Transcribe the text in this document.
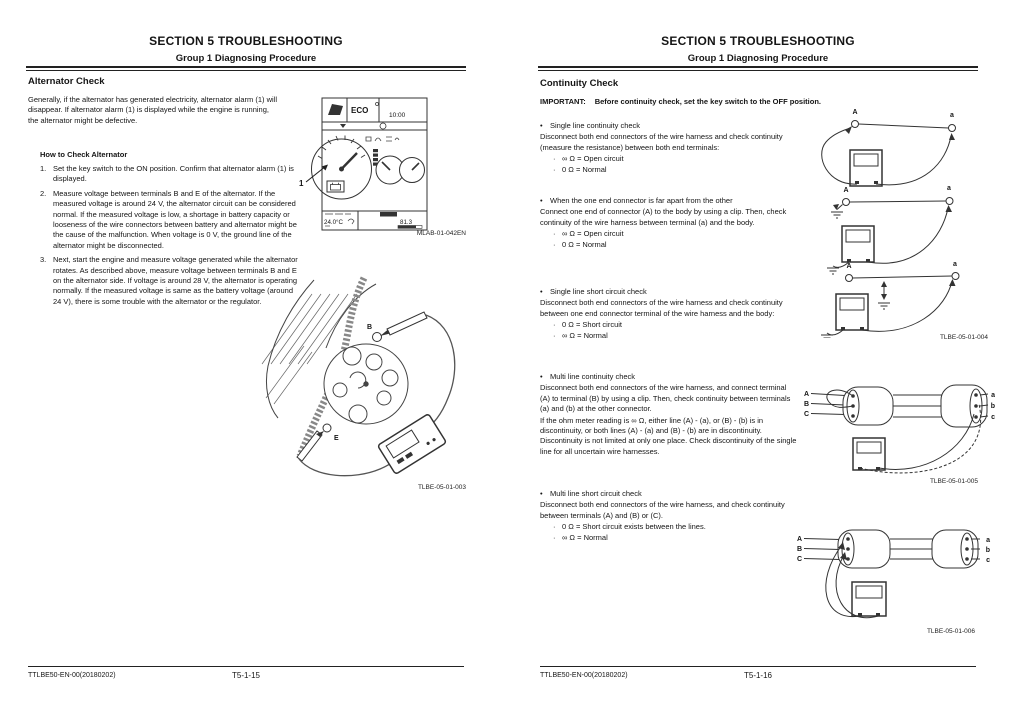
SECTION 5 TROUBLESHOOTING
Group 1 Diagnosing Procedure
Alternator Check
Generally, if the alternator has generated electricity, alternator alarm (1) will disappear. If alternator alarm (1) is displayed while the engine is running, the alternator might be defective.
How to Check Alternator
1. Set the key switch to the ON position. Confirm that alternator alarm (1) is displayed.
2. Measure voltage between terminals B and E of the alternator. If the measured voltage is around 24 V, the alternator circuit can be considered normal. If the measured voltage is low, a shortage in battery capacity or looseness of the wire connectors between battery and alternator might be the cause of the malfunction. When voltage is 0 V, the ground line of the alternator might be disconnected.
3. Next, start the engine and measure voltage generated while the alternator rotates. As described above, measure voltage between terminals B and E on the alternator side. If voltage is around 28 V, the alternator is operating normally. If the measured voltage is same as the battery voltage (around 24 V), there is some trouble with the alternator or the regulator.
ECO
10:00
24.0°C	81.3
1
MLAB-01-042EN
B
E
TLBE-05-01-003
TTLBE50-EN-00(20180202)	T5-1-15
SECTION 5 TROUBLESHOOTING
Group 1 Diagnosing Procedure
Continuity Check
IMPORTANT: Before continuity check, set the key switch to the OFF position.
• Single line continuity check
Disconnect both end connectors of the wire harness and check continuity (measure the resistance) between both end terminals:
· ∞ Ω = Open circuit
· 0 Ω = Normal
• When the one end connector is far apart from the other
Connect one end of connector (A) to the body by using a clip. Then, check continuity of the wire harness between terminal (a) and the body.
· ∞ Ω = Open circuit
· 0 Ω = Normal
• Single line short circuit check
Disconnect both end connectors of the wire harness and check continuity between one end connector terminal of the wire harness and the body:
· 0 Ω = Short circuit
· ∞ Ω = Normal
• Multi line continuity check
Disconnect both end connectors of the wire harness, and connect terminal (A) to terminal (B) by using a clip. Then, check continuity between terminals (a) and (b) at the other connector.
If the ohm meter reading is ∞ Ω, either line (A) - (a), or (B) - (b) is in discontinuity, or both lines (A) - (a) and (B) - (b) are in discontinuity. Discontinuity is not limited at only one place. Check discontinuity of the single line for all uncertain wire harnesses.
• Multi line short circuit check
Disconnect both end connectors of the wire harness, and check continuity between terminals (A) and (B) or (C).
· 0 Ω = Short circuit exists between the lines.
· ∞ Ω = Normal
A	a
A	a
A	a
TLBE-05-01-004
A
B
C
a
b
c
TLBE-05-01-005
A
B
C
a
b
c
TLBE-05-01-006
TTLBE50-EN-00(20180202)	T5-1-16
